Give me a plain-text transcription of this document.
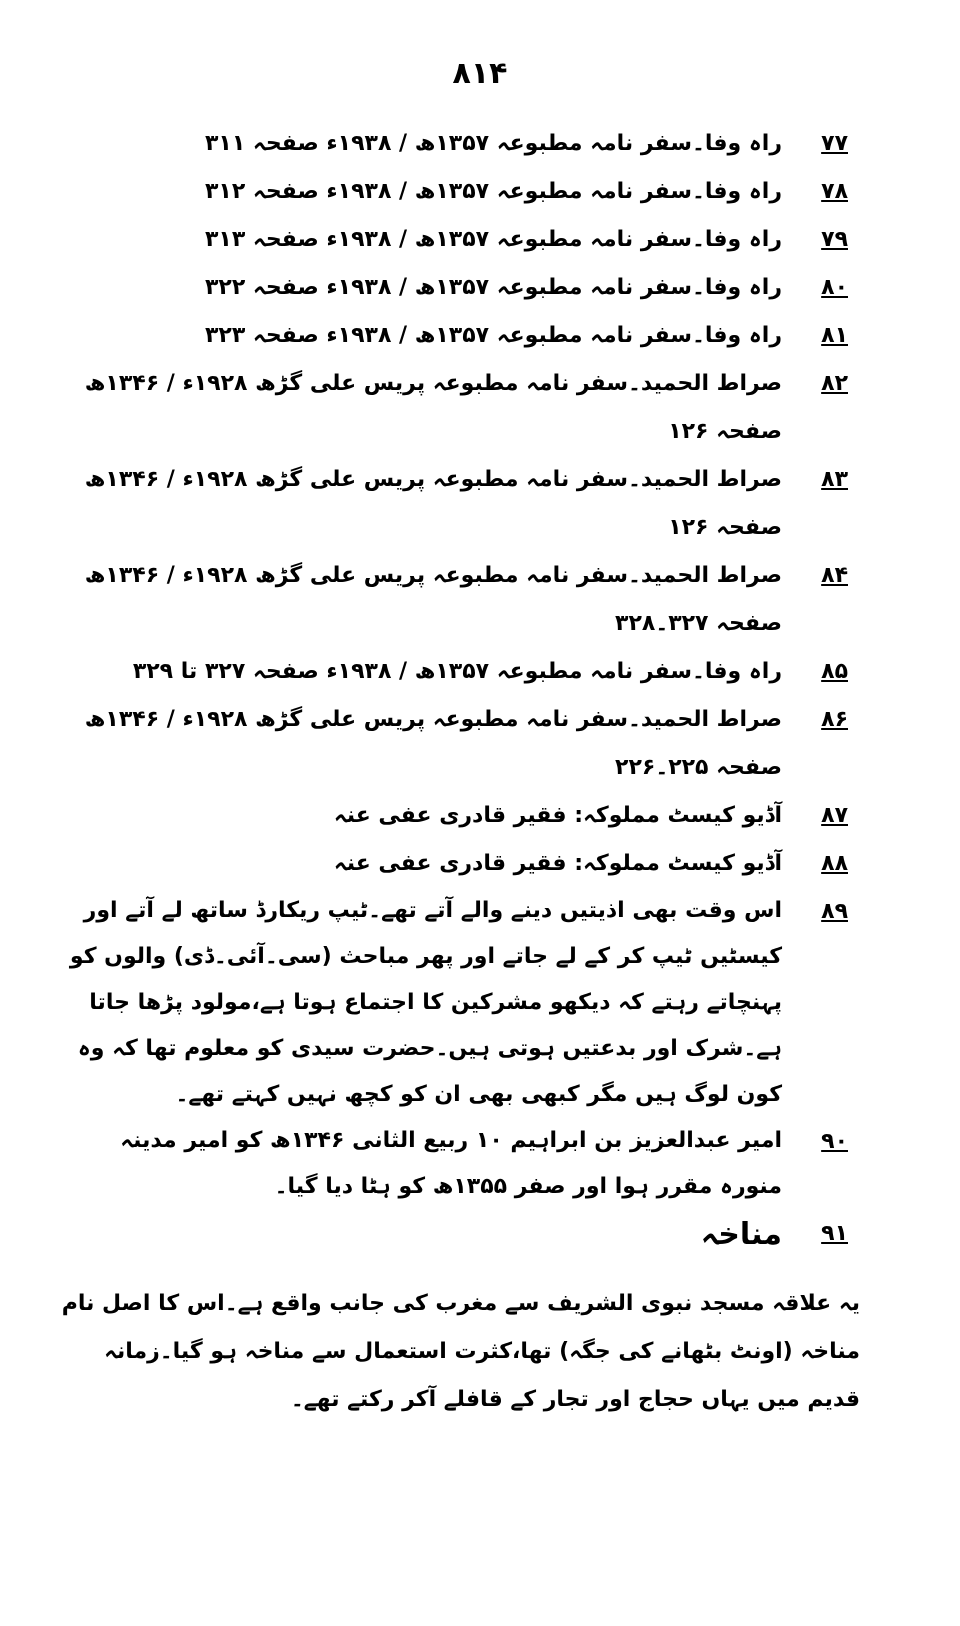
۸۱۴
۷۷
راہ وفا۔سفر نامہ مطبوعہ ۱۳۵۷ھ / ۱۹۳۸ء صفحہ ۳۱۱
۷۸
راہ وفا۔سفر نامہ مطبوعہ ۱۳۵۷ھ / ۱۹۳۸ء صفحہ ۳۱۲
۷۹
راہ وفا۔سفر نامہ مطبوعہ ۱۳۵۷ھ / ۱۹۳۸ء صفحہ ۳۱۳
۸۰
راہ وفا۔سفر نامہ مطبوعہ ۱۳۵۷ھ / ۱۹۳۸ء صفحہ ۳۲۲
۸۱
راہ وفا۔سفر نامہ مطبوعہ ۱۳۵۷ھ / ۱۹۳۸ء صفحہ ۳۲۳
۸۲
صراط الحمید۔سفر نامہ مطبوعہ پریس علی گڑھ ۱۹۲۸ء / ۱۳۴۶ھ صفحہ ۱۲۶
۸۳
صراط الحمید۔سفر نامہ مطبوعہ پریس علی گڑھ ۱۹۲۸ء / ۱۳۴۶ھ صفحہ ۱۲۶
۸۴
صراط الحمید۔سفر نامہ مطبوعہ پریس علی گڑھ ۱۹۲۸ء / ۱۳۴۶ھ صفحہ ۳۲۷۔۳۲۸
۸۵
راہ وفا۔سفر نامہ مطبوعہ ۱۳۵۷ھ / ۱۹۳۸ء صفحہ ۳۲۷ تا ۳۲۹
۸۶
صراط الحمید۔سفر نامہ مطبوعہ پریس علی گڑھ ۱۹۲۸ء / ۱۳۴۶ھ صفحہ ۲۲۵۔۲۲۶
۸۷
آڈیو کیسٹ مملوکہ: فقیر قادری عفی عنہ
۸۸
آڈیو کیسٹ مملوکہ: فقیر قادری عفی عنہ
۸۹
اس وقت بھی اذیتیں دینے والے آتے تھے۔ٹیپ ریکارڈ ساتھ لے آتے اور کیسٹیں ٹیپ کر کے لے جاتے اور پھر مباحث (سی۔آئی۔ڈی) والوں کو پہنچاتے رہتے کہ دیکھو مشرکین کا اجتماع ہوتا ہے،مولود پڑھا جاتا ہے۔شرک اور بدعتیں ہوتی ہیں۔حضرت سیدی کو معلوم تھا کہ وہ کون لوگ ہیں مگر کبھی بھی ان کو کچھ نہیں کہتے تھے۔
۹۰
امیر عبدالعزیز بن ابراہیم ۱۰ ربیع الثانی ۱۳۴۶ھ کو امیر مدینہ منورہ مقرر ہوا اور صفر ۱۳۵۵ھ کو ہٹا دیا گیا۔
۹۱
مناخہ
یہ علاقہ مسجد نبوی الشریف سے مغرب کی جانب واقع ہے۔اس کا اصل نام مناخہ (اونٹ بٹھانے کی جگہ) تھا،کثرت استعمال سے مناخہ ہو گیا۔زمانہ قدیم میں یہاں حجاج اور تجار کے قافلے آکر رکتے تھے۔
